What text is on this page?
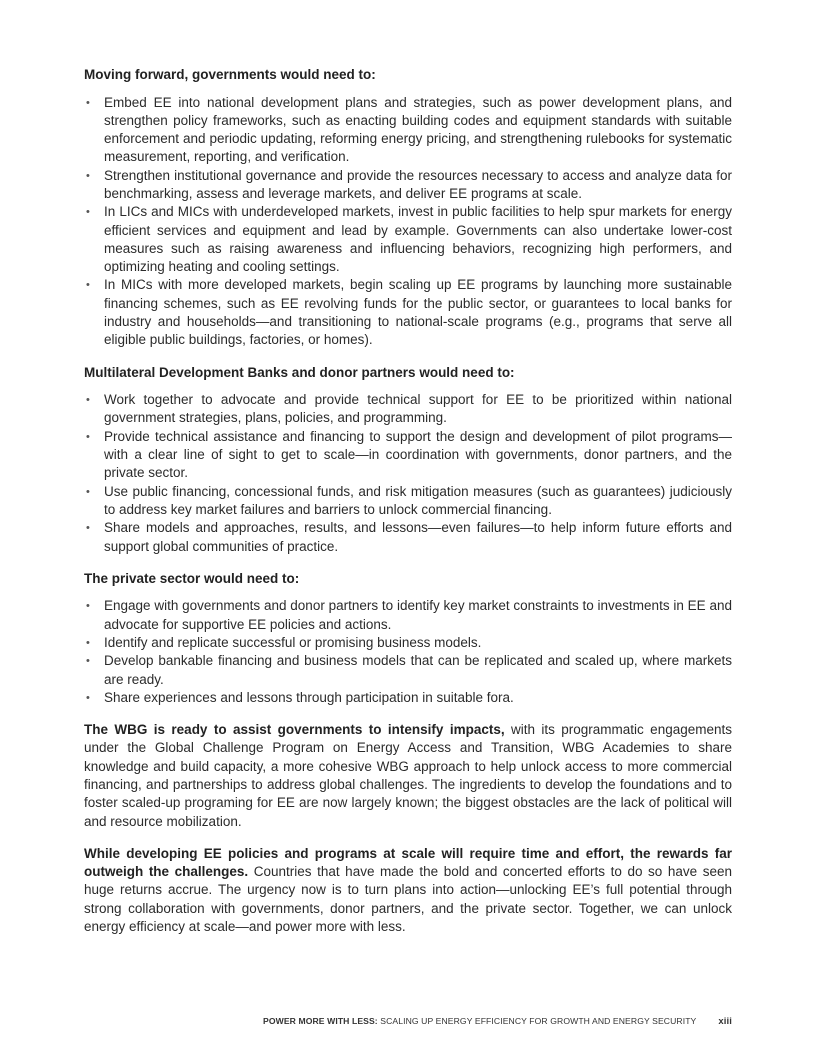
Moving forward, governments would need to:
• Embed EE into national development plans and strategies, such as power development plans, and strengthen policy frameworks, such as enacting building codes and equipment standards with suitable enforcement and periodic updating, reforming energy pricing, and strengthening rulebooks for systematic measurement, reporting, and verification.
• Strengthen institutional governance and provide the resources necessary to access and analyze data for benchmarking, assess and leverage markets, and deliver EE programs at scale.
• In LICs and MICs with underdeveloped markets, invest in public facilities to help spur markets for energy efficient services and equipment and lead by example. Governments can also undertake lower-cost measures such as raising awareness and influencing behaviors, recognizing high performers, and optimizing heating and cooling settings.
• In MICs with more developed markets, begin scaling up EE programs by launching more sustainable financing schemes, such as EE revolving funds for the public sector, or guarantees to local banks for industry and households—and transitioning to national-scale programs (e.g., programs that serve all eligible public buildings, factories, or homes).
Multilateral Development Banks and donor partners would need to:
• Work together to advocate and provide technical support for EE to be prioritized within national government strategies, plans, policies, and programming.
• Provide technical assistance and financing to support the design and development of pilot programs—with a clear line of sight to get to scale—in coordination with governments, donor partners, and the private sector.
• Use public financing, concessional funds, and risk mitigation measures (such as guarantees) judiciously to address key market failures and barriers to unlock commercial financing.
• Share models and approaches, results, and lessons—even failures—to help inform future efforts and support global communities of practice.
The private sector would need to:
• Engage with governments and donor partners to identify key market constraints to investments in EE and advocate for supportive EE policies and actions.
• Identify and replicate successful or promising business models.
• Develop bankable financing and business models that can be replicated and scaled up, where markets are ready.
• Share experiences and lessons through participation in suitable fora.

The WBG is ready to assist governments to intensify impacts, with its programmatic engagements under the Global Challenge Program on Energy Access and Transition, WBG Academies to share knowledge and build capacity, a more cohesive WBG approach to help unlock access to more commercial financing, and partnerships to address global challenges. The ingredients to develop the foundations and to foster scaled-up programing for EE are now largely known; the biggest obstacles are the lack of political will and resource mobilization.

While developing EE policies and programs at scale will require time and effort, the rewards far outweigh the challenges. Countries that have made the bold and concerted efforts to do so have seen huge returns accrue. The urgency now is to turn plans into action—unlocking EE’s full potential through strong collaboration with governments, donor partners, and the private sector. Together, we can unlock energy efficiency at scale—and power more with less.

POWER MORE WITH LESS: SCALING UP ENERGY EFFICIENCY FOR GROWTH AND ENERGY SECURITY xiii
